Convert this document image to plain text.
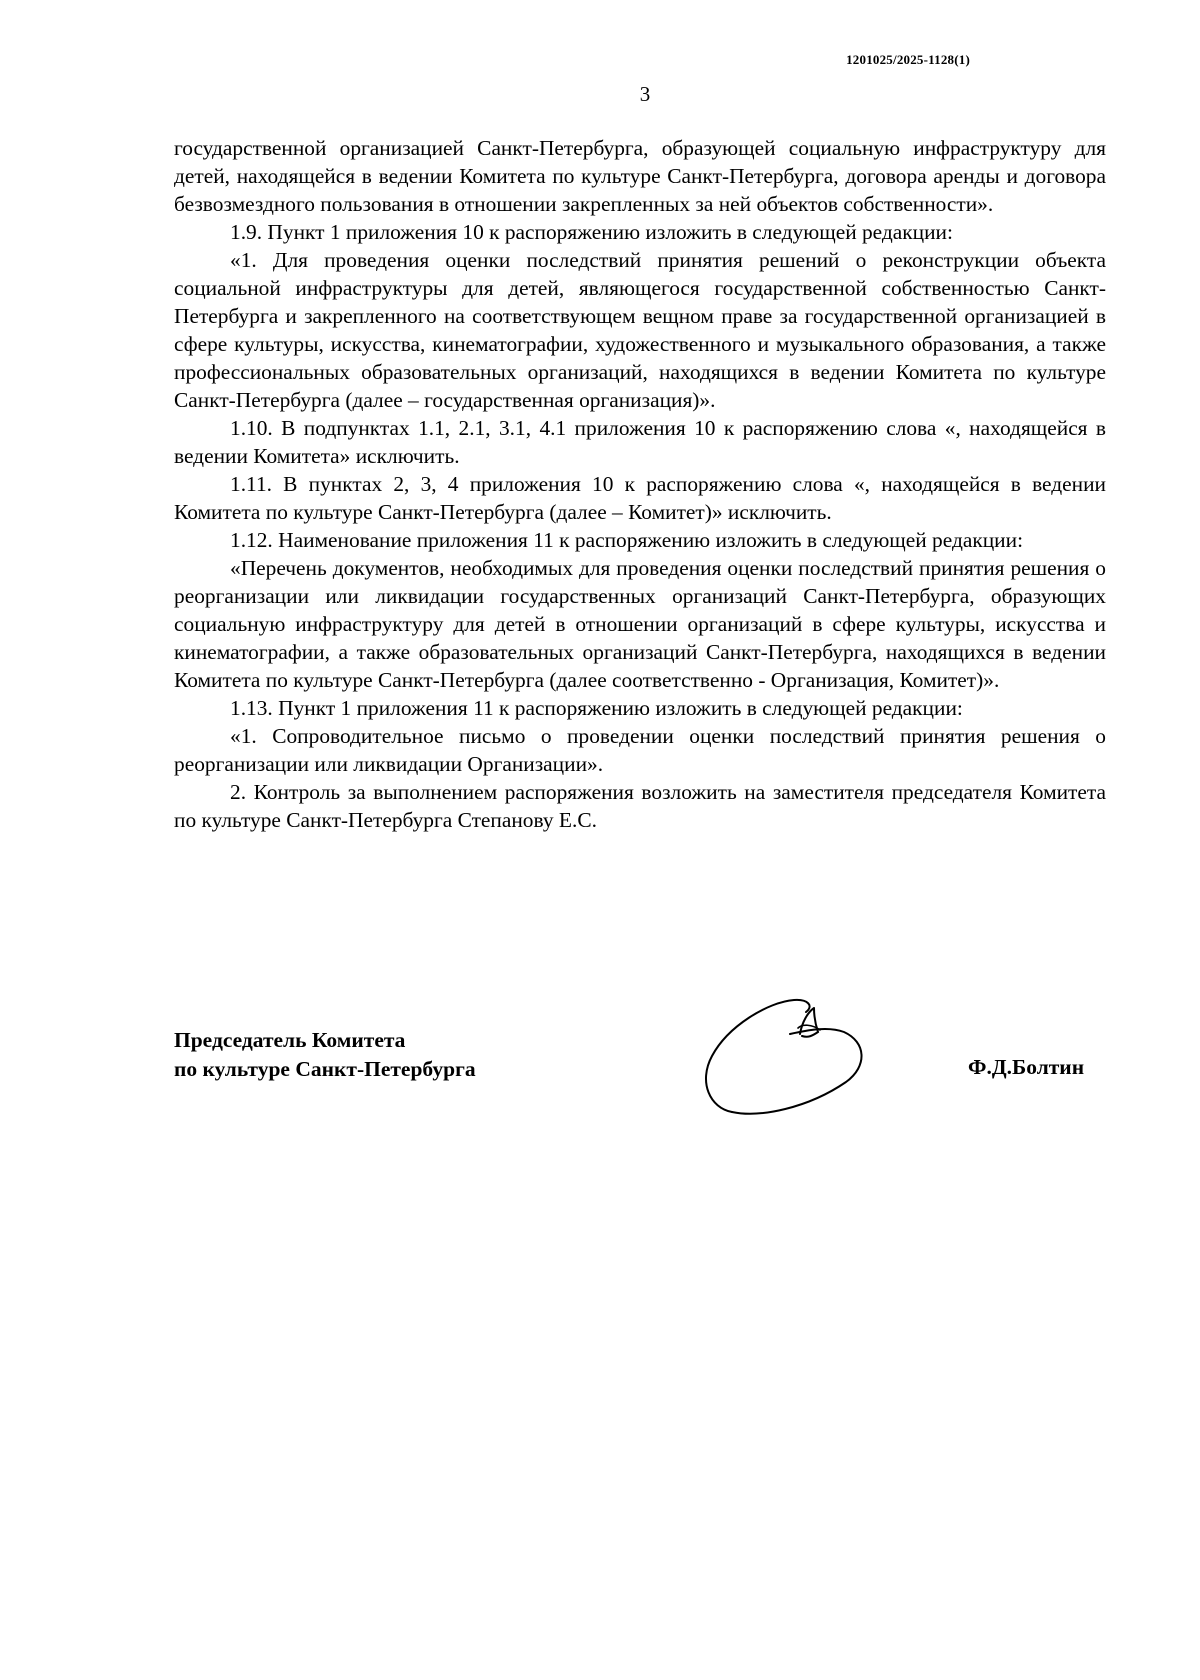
1201025/2025-1128(1)
3

государственной организацией Санкт-Петербурга, образующей социальную инфраструктуру для детей, находящейся в ведении Комитета по культуре Санкт-Петербурга, договора аренды и договора безвозмездного пользования в отношении закрепленных за ней объектов собственности».

1.9. Пункт 1 приложения 10 к распоряжению изложить в следующей редакции:

«1. Для проведения оценки последствий принятия решений о реконструкции объекта социальной инфраструктуры для детей, являющегося государственной собственностью Санкт-Петербурга и закрепленного на соответствующем вещном праве за государственной организацией в сфере культуры, искусства, кинематографии, художественного и музыкального образования, а также профессиональных образовательных организаций, находящихся в ведении Комитета по культуре Санкт-Петербурга (далее – государственная организация)».

1.10. В подпунктах 1.1, 2.1, 3.1, 4.1 приложения 10 к распоряжению слова «, находящейся в ведении Комитета» исключить.

1.11. В пунктах 2, 3, 4 приложения 10 к распоряжению слова «, находящейся в ведении Комитета по культуре Санкт-Петербурга (далее – Комитет)» исключить.

1.12. Наименование приложения 11 к распоряжению изложить в следующей редакции:

«Перечень документов, необходимых для проведения оценки последствий принятия решения о реорганизации или ликвидации государственных организаций Санкт-Петербурга, образующих социальную инфраструктуру для детей в отношении организаций в сфере культуры, искусства и кинематографии, а также образовательных организаций Санкт-Петербурга, находящихся в ведении Комитета по культуре Санкт-Петербурга (далее соответственно - Организация, Комитет)».

1.13. Пункт 1 приложения 11 к распоряжению изложить в следующей редакции:

«1. Сопроводительное письмо о проведении оценки последствий принятия решения о реорганизации или ликвидации Организации».

2. Контроль за выполнением распоряжения возложить на заместителя председателя Комитета по культуре Санкт-Петербурга Степанову Е.С.

Председатель Комитета
по культуре Санкт-Петербурга	Ф.Д.Болтин
